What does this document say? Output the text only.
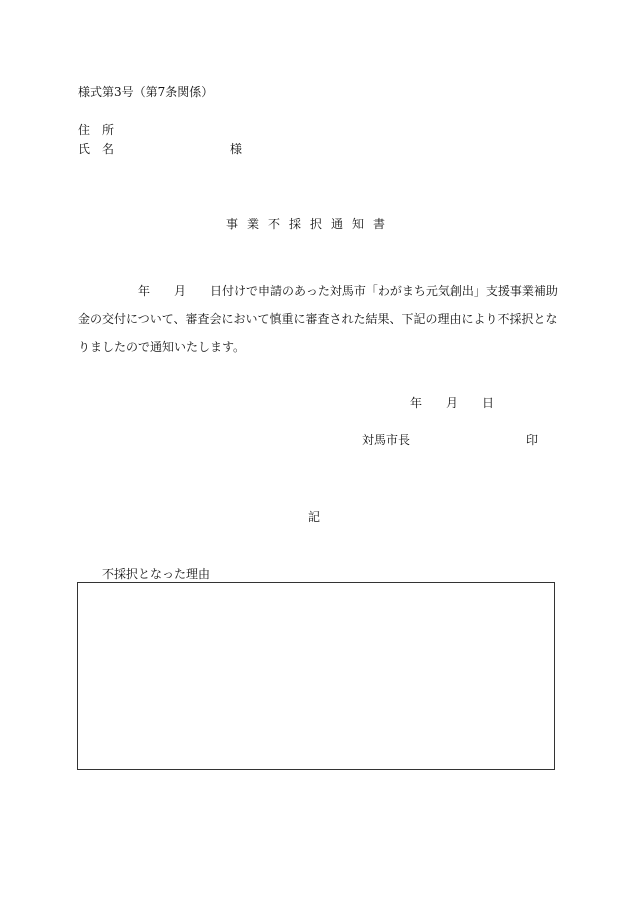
様式第3号（第7条関係）
住　所
氏　名	様
事業不採択通知書
　　　　　年　　月　　日付けで申請のあった対馬市「わがまち元気創出」支援事業補助
金の交付について、審査会において慎重に審査された結果、下記の理由により不採択とな
りましたので通知いたします。
年　　月　　日
対馬市長	印
記
不採択となった理由
